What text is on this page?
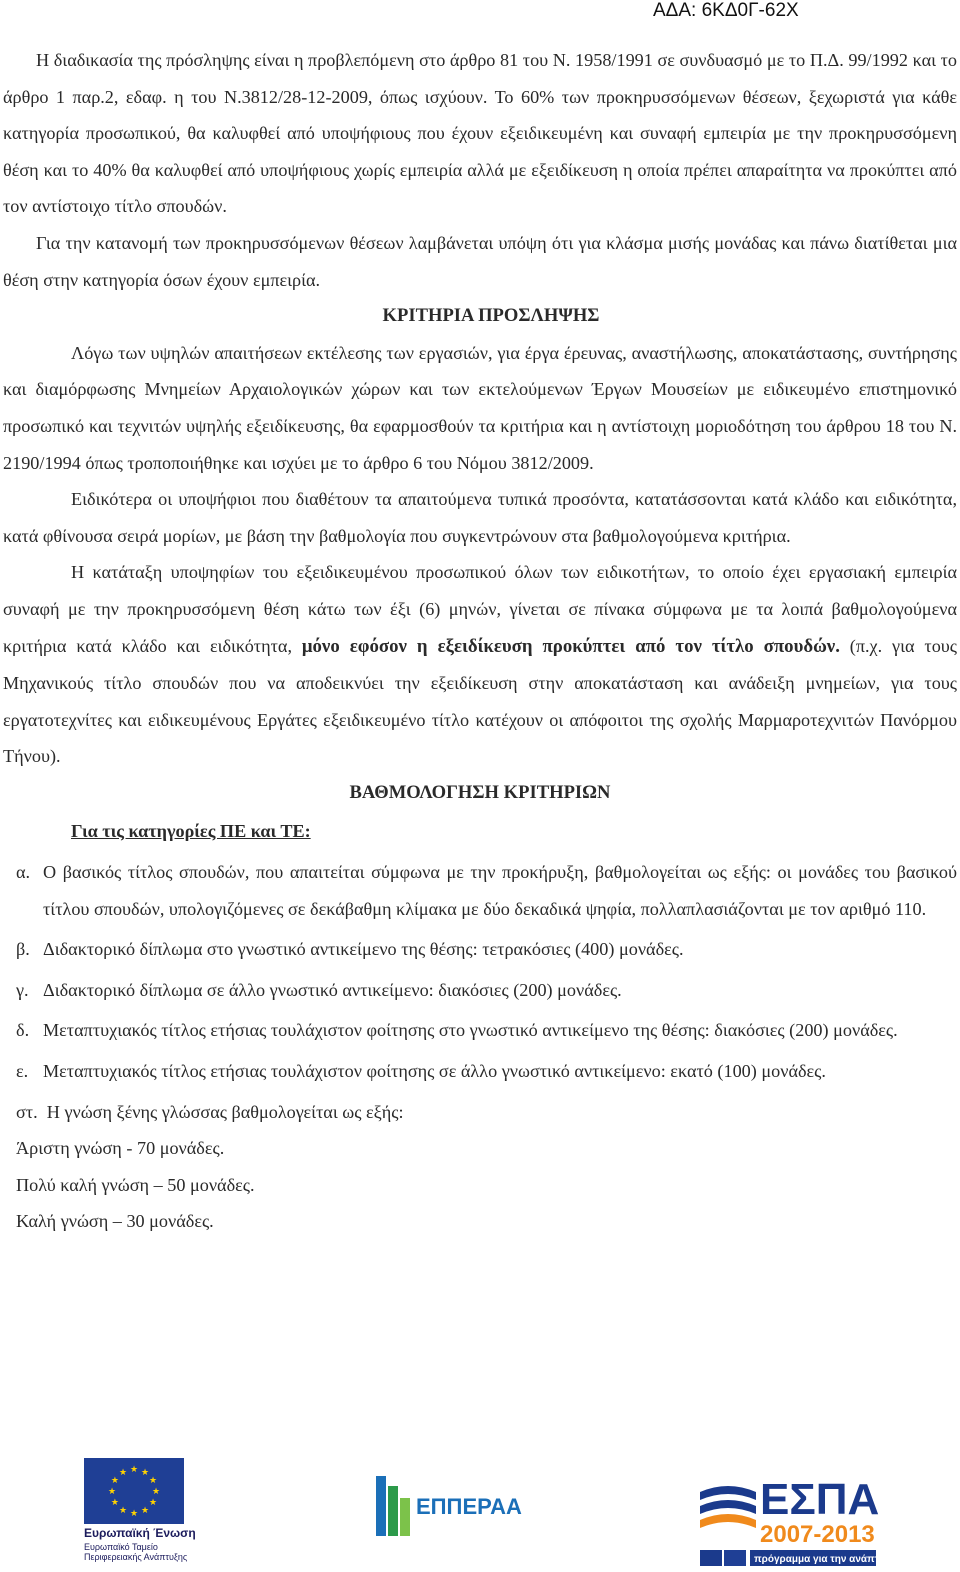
ΑΔΑ: 6ΚΔ0Γ-62Χ

Η διαδικασία της πρόσληψης είναι η προβλεπόμενη στο άρθρο 81 του Ν. 1958/1991 σε συνδυασμό με το Π.Δ. 99/1992 και το άρθρο 1 παρ.2, εδαφ. η του Ν.3812/28-12-2009, όπως ισχύουν. Το 60% των προκηρυσσόμενων θέσεων, ξεχωριστά για κάθε κατηγορία προσωπικού, θα καλυφθεί από υποψήφιους που έχουν εξειδικευμένη και συναφή εμπειρία με την προκηρυσσόμενη θέση και το 40% θα καλυφθεί από υποψήφιους χωρίς εμπειρία αλλά με εξειδίκευση η οποία πρέπει απαραίτητα να προκύπτει από τον αντίστοιχο τίτλο σπουδών.

Για την κατανομή των προκηρυσσόμενων θέσεων λαμβάνεται υπόψη ότι για κλάσμα μισής μονάδας και πάνω διατίθεται μια θέση στην κατηγορία όσων έχουν εμπειρία.

ΚΡΙΤΗΡΙΑ ΠΡΟΣΛΗΨΗΣ

Λόγω των υψηλών απαιτήσεων εκτέλεσης των εργασιών, για έργα έρευνας, αναστήλωσης, αποκατάστασης, συντήρησης και διαμόρφωσης Μνημείων Αρχαιολογικών χώρων και των εκτελούμενων Έργων Μουσείων με ειδικευμένο επιστημονικό προσωπικό και τεχνιτών υψηλής εξειδίκευσης, θα εφαρμοσθούν τα κριτήρια και η αντίστοιχη μοριοδότηση του άρθρου 18 του Ν. 2190/1994 όπως τροποποιήθηκε και ισχύει με το άρθρο 6 του Νόμου 3812/2009.

Ειδικότερα οι υποψήφιοι που διαθέτουν τα απαιτούμενα τυπικά προσόντα, κατατάσσονται κατά κλάδο και ειδικότητα, κατά φθίνουσα σειρά μορίων, με βάση την βαθμολογία που συγκεντρώνουν στα βαθμολογούμενα κριτήρια.

Η κατάταξη υποψηφίων του εξειδικευμένου προσωπικού όλων των ειδικοτήτων, το οποίο έχει εργασιακή εμπειρία συναφή με την προκηρυσσόμενη θέση κάτω των έξι (6) μηνών, γίνεται σε πίνακα σύμφωνα με τα λοιπά βαθμολογούμενα κριτήρια κατά κλάδο και ειδικότητα, μόνο εφόσον η εξειδίκευση προκύπτει από τον τίτλο σπουδών. (π.χ. για τους Μηχανικούς τίτλο σπουδών που να αποδεικνύει την εξειδίκευση στην αποκατάσταση και ανάδειξη μνημείων, για τους εργατοτεχνίτες και ειδικευμένους Εργάτες εξειδικευμένο τίτλο κατέχουν οι απόφοιτοι της σχολής Μαρμαροτεχνιτών Πανόρμου Τήνου).

ΒΑΘΜΟΛΟΓΗΣΗ ΚΡΙΤΗΡΙΩΝ

Για τις κατηγορίες ΠΕ και ΤΕ:

α. Ο βασικός τίτλος σπουδών, που απαιτείται σύμφωνα με την προκήρυξη, βαθμολογείται ως εξής: οι μονάδες του βασικού τίτλου σπουδών, υπολογιζόμενες σε δεκάβαθμη κλίμακα με δύο δεκαδικά ψηφία, πολλαπλασιάζονται με τον αριθμό 110.

β. Διδακτορικό δίπλωμα στο γνωστικό αντικείμενο της θέσης: τετρακόσιες (400) μονάδες.

γ. Διδακτορικό δίπλωμα σε άλλο γνωστικό αντικείμενο: διακόσιες (200) μονάδες.

δ. Μεταπτυχιακός τίτλος ετήσιας τουλάχιστον φοίτησης στο γνωστικό αντικείμενο της θέσης: διακόσιες (200) μονάδες.

ε. Μεταπτυχιακός τίτλος ετήσιας τουλάχιστον φοίτησης σε άλλο γνωστικό αντικείμενο: εκατό (100) μονάδες.

στ. Η γνώση ξένης γλώσσας βαθμολογείται ως εξής:

Άριστη γνώση - 70 μονάδες.

Πολύ καλή γνώση – 50 μονάδες.

Καλή γνώση – 30 μονάδες.

★ ★
★
★
★
★
★
★
★
★
★
★
Ευρωπαϊκή Ένωση
Ευρωπαϊκό Ταμείο Περιφερειακής Ανάπτυξης
ΕΠΠΕΡΑΑ	ΕΣΠΑ
2007-2013
πρόγραμμα για την ανάπτυξη
